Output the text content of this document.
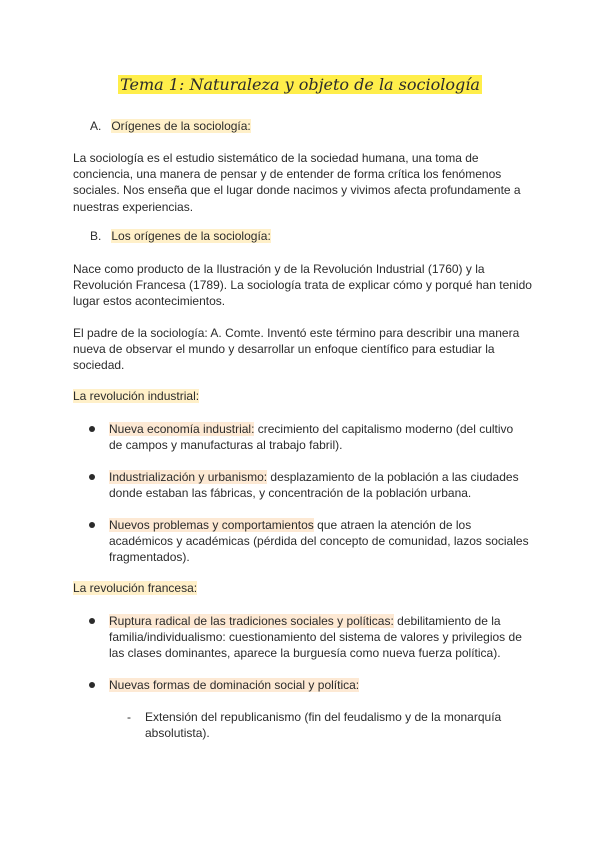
Tema 1: Naturaleza y objeto de la sociología
A. Orígenes de la sociología:
La sociología es el estudio sistemático de la sociedad humana, una toma de conciencia, una manera de pensar y de entender de forma crítica los fenómenos sociales. Nos enseña que el lugar donde nacimos y vivimos afecta profundamente a nuestras experiencias.
B. Los orígenes de la sociología:
Nace como producto de la Ilustración y de la Revolución Industrial (1760) y la Revolución Francesa (1789). La sociología trata de explicar cómo y porqué han tenido lugar estos acontecimientos.
El padre de la sociología: A. Comte. Inventó este término para describir una manera nueva de observar el mundo y desarrollar un enfoque científico para estudiar la sociedad.
La revolución industrial:
Nueva economía industrial: crecimiento del capitalismo moderno (del cultivo de campos y manufacturas al trabajo fabril).
Industrialización y urbanismo: desplazamiento de la población a las ciudades donde estaban las fábricas, y concentración de la población urbana.
Nuevos problemas y comportamientos que atraen la atención de los académicos y académicas (pérdida del concepto de comunidad, lazos sociales fragmentados).
La revolución francesa:
Ruptura radical de las tradiciones sociales y políticas: debilitamiento de la familia/individualismo: cuestionamiento del sistema de valores y privilegios de las clases dominantes, aparece la burguesía como nueva fuerza política).
Nuevas formas de dominación social y política:
- Extensión del republicanismo (fin del feudalismo y de la monarquía absolutista).
